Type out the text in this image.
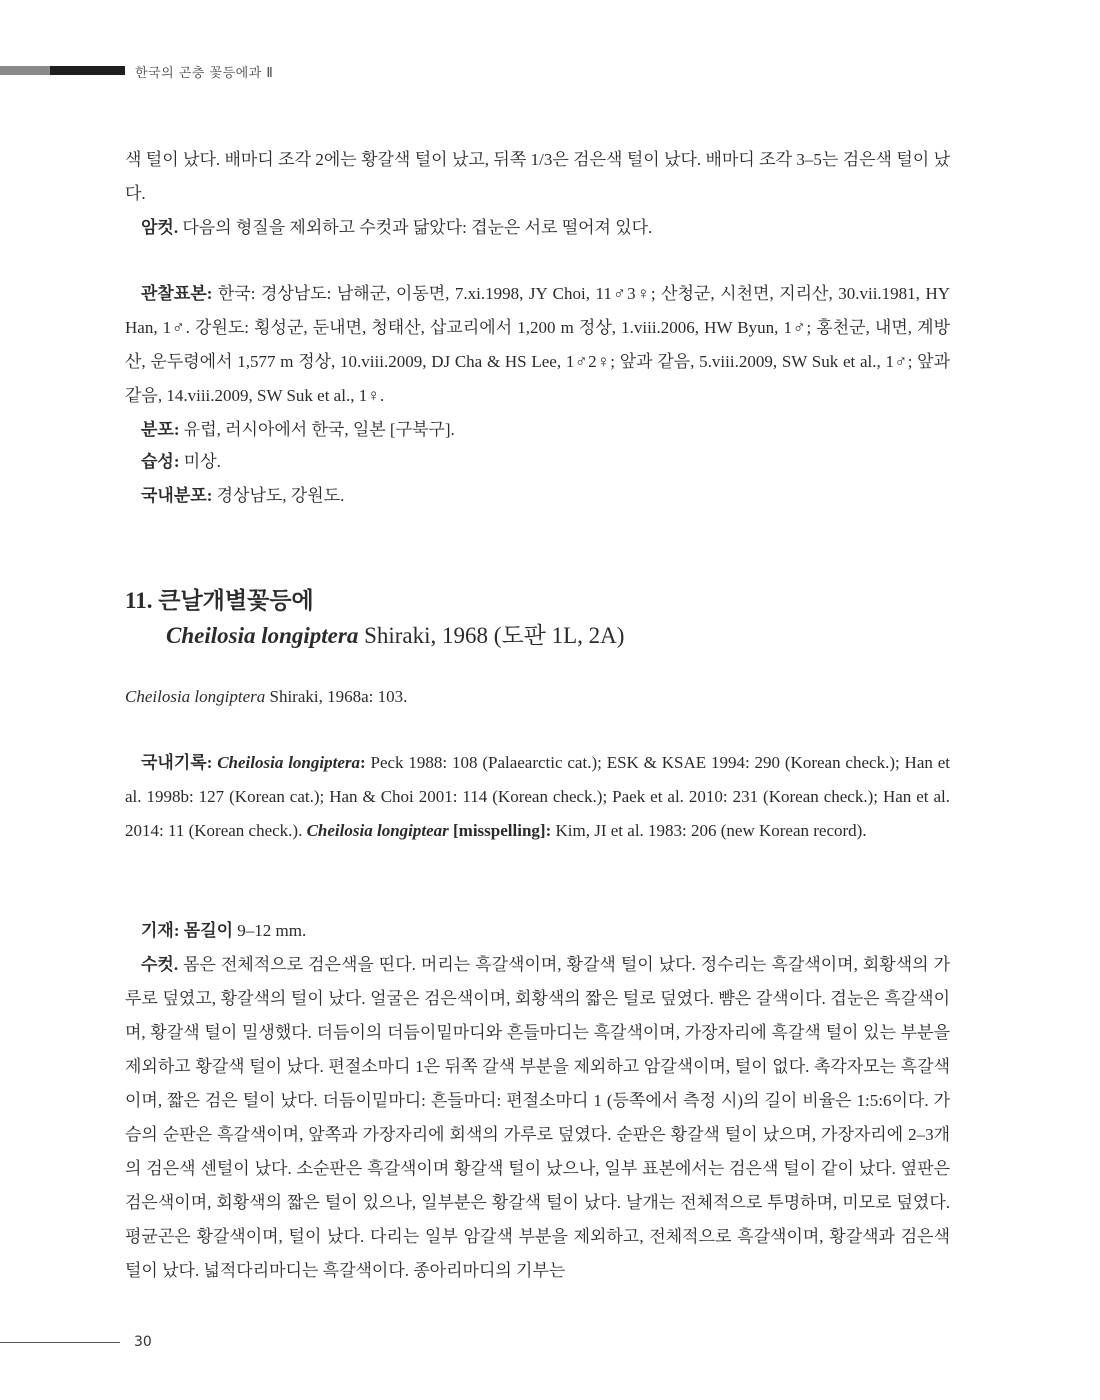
한국의 곤충 꽃등에과 Ⅱ
색 털이 났다. 배마디 조각 2에는 황갈색 털이 났고, 뒤쪽 1/3은 검은색 털이 났다. 배마디 조각 3–5는 검은색 털이 났다.
암컷. 다음의 형질을 제외하고 수컷과 닮았다: 겹눈은 서로 떨어져 있다.
관찰표본: 한국: 경상남도: 남해군, 이동면, 7.xi.1998, JY Choi, 11♂3♀; 산청군, 시천면, 지리산, 30.vii.1981, HY Han, 1♂. 강원도: 횡성군, 둔내면, 청태산, 삽교리에서 1,200 m 정상, 1.viii.2006, HW Byun, 1♂; 홍천군, 내면, 계방산, 운두령에서 1,577 m 정상, 10.viii.2009, DJ Cha & HS Lee, 1♂2♀; 앞과 같음, 5.viii.2009, SW Suk et al., 1♂; 앞과 같음, 14.viii.2009, SW Suk et al., 1♀.
분포: 유럽, 러시아에서 한국, 일본 [구북구].
습성: 미상.
국내분포: 경상남도, 강원도.
11. 큰날개별꽃등에
Cheilosia longiptera Shiraki, 1968 (도판 1L, 2A)
Cheilosia longiptera Shiraki, 1968a: 103.
국내기록: Cheilosia longiptera: Peck 1988: 108 (Palaearctic cat.); ESK & KSAE 1994: 290 (Korean check.); Han et al. 1998b: 127 (Korean cat.); Han & Choi 2001: 114 (Korean check.); Paek et al. 2010: 231 (Korean check.); Han et al. 2014: 11 (Korean check.). Cheilosia longiptear [misspelling]: Kim, JI et al. 1983: 206 (new Korean record).
기재: 몸길이 9–12 mm.
수컷. 몸은 전체적으로 검은색을 띤다. 머리는 흑갈색이며, 황갈색 털이 났다. 정수리는 흑갈색이며, 회황색의 가루로 덮였고, 황갈색의 털이 났다. 얼굴은 검은색이며, 회황색의 짧은 털로 덮였다. 뺨은 갈색이다. 겹눈은 흑갈색이며, 황갈색 털이 밀생했다. 더듬이의 더듬이밑마디와 흔들마디는 흑갈색이며, 가장자리에 흑갈색 털이 있는 부분을 제외하고 황갈색 털이 났다. 편절소마디 1은 뒤쪽 갈색 부분을 제외하고 암갈색이며, 털이 없다. 촉각자모는 흑갈색이며, 짧은 검은 털이 났다. 더듬이밑마디: 흔들마디: 편절소마디 1 (등쪽에서 측정 시)의 길이 비율은 1:5:6이다. 가슴의 순판은 흑갈색이며, 앞쪽과 가장자리에 회색의 가루로 덮였다. 순판은 황갈색 털이 났으며, 가장자리에 2–3개의 검은색 센털이 났다. 소순판은 흑갈색이며 황갈색 털이 났으나, 일부 표본에서는 검은색 털이 같이 났다. 옆판은 검은색이며, 회황색의 짧은 털이 있으나, 일부분은 황갈색 털이 났다. 날개는 전체적으로 투명하며, 미모로 덮였다. 평균곤은 황갈색이며, 털이 났다. 다리는 일부 암갈색 부분을 제외하고, 전체적으로 흑갈색이며, 황갈색과 검은색 털이 났다. 넓적다리마디는 흑갈색이다. 종아리마디의 기부는
30
